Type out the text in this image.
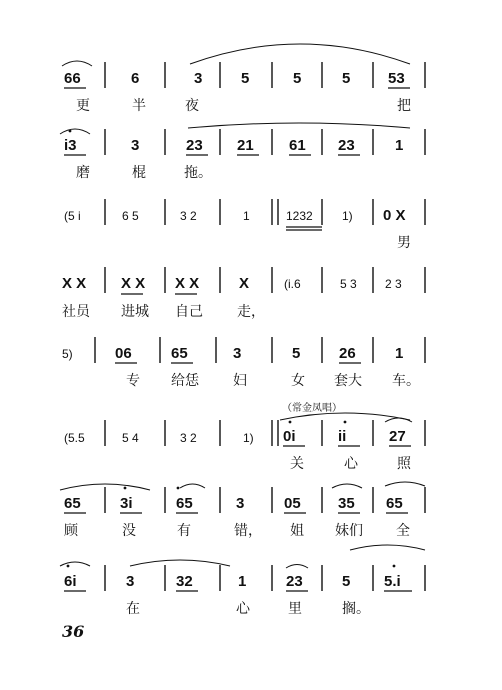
66	6	3	5	5	5	53
更	半	夜	把
i3	3	23 21 61 23	1
磨	棍	拖。
(5 i	6 5	3 2	1	1232 1) 0 X
男
X X X X X X	X	(i.6	5 3 2 3
社员 进城 自己 走，
5)	06	65	3	5	26	1
专 给恁 妇	女 套大 车。
（常金凤唱）
(5.5	5 4	3 2	1) 0i	ii	27
关	心	照
65	3i	65	3	05 35 65
顾	没	有	错， 姐 妹们 全
6i	3	32	1	23	5 5.i
在	心	里	搁。
36
